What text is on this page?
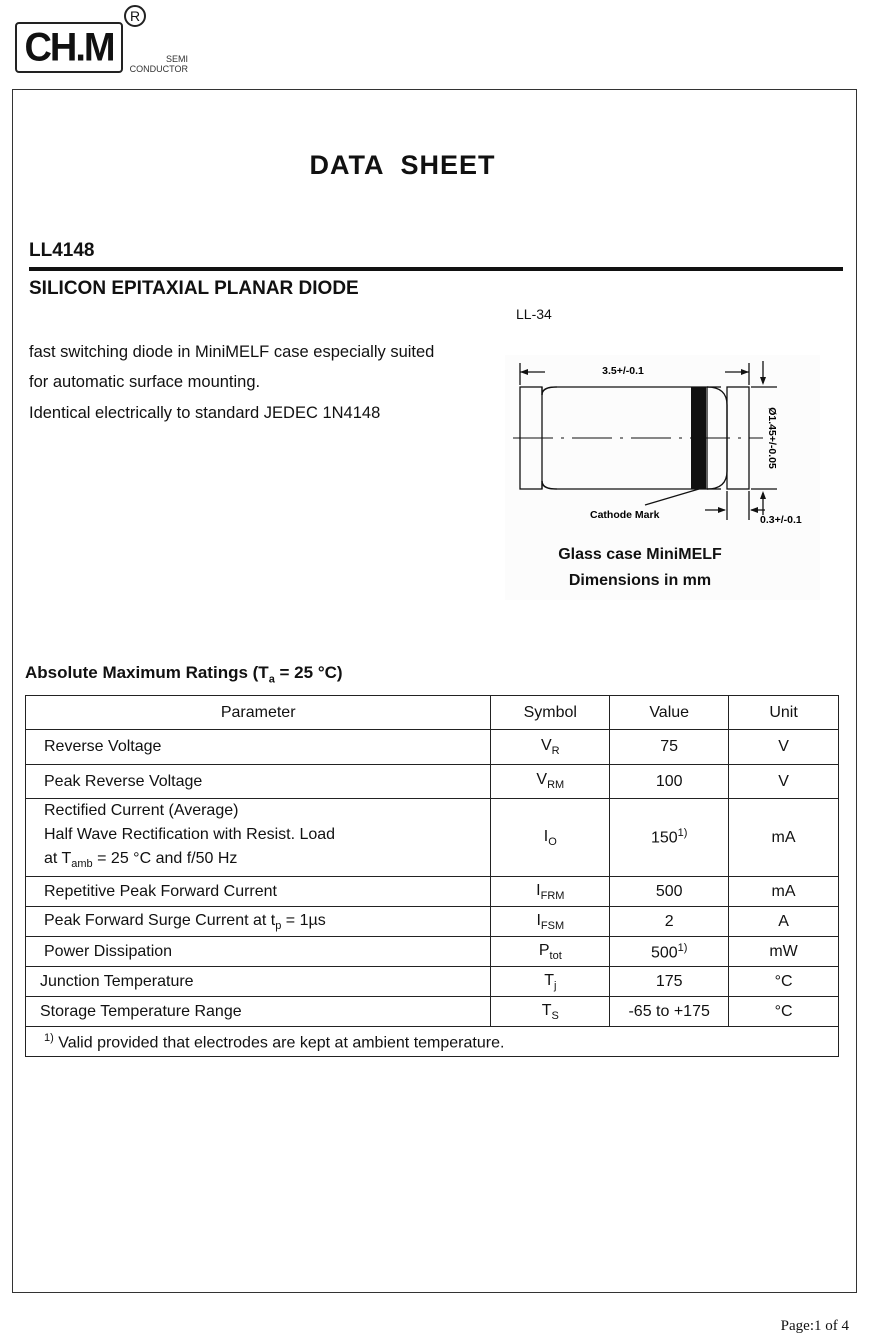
CH.M
R
SEMI
CONDUCTOR
DATA  SHEET
LL4148
SILICON EPITAXIAL PLANAR DIODE
LL-34
fast switching diode in MiniMELF case especially suited
for automatic surface mounting.
Identical electrically to standard JEDEC 1N4148
3.5+/-0.1
Ø1.45+/-0.05
0.3+/-0.1
Cathode Mark
Glass case MiniMELF
Dimensions in mm
Absolute Maximum Ratings ($T_a = 25$ °C)
Parameter	Symbol	Value	Unit
Reverse Voltage	$V_R$	75	V
Peak Reverse Voltage	$V_{RM}$	100	V

Rectified Current (Average)
Half Wave Rectification with Resist. Load
at $T_{amb} = 25$ °C and f/50 Hz	$I_O$	150$^{1)}$	mA
Repetitive Peak Forward Current	$I_{FRM}$	500	mA
Peak Forward Surge Current at $t_p = 1\mu s$	$I_{FSM}$	2	A
Power Dissipation	$P_{tot}$	500$^{1)}$	mW
Junction Temperature	$T_j$	175	°C
Storage Temperature Range	$T_S$	-65 to +175	°C
$^{1)}$ Valid provided that electrodes are kept at ambient temperature.			
Page:1 of 4
